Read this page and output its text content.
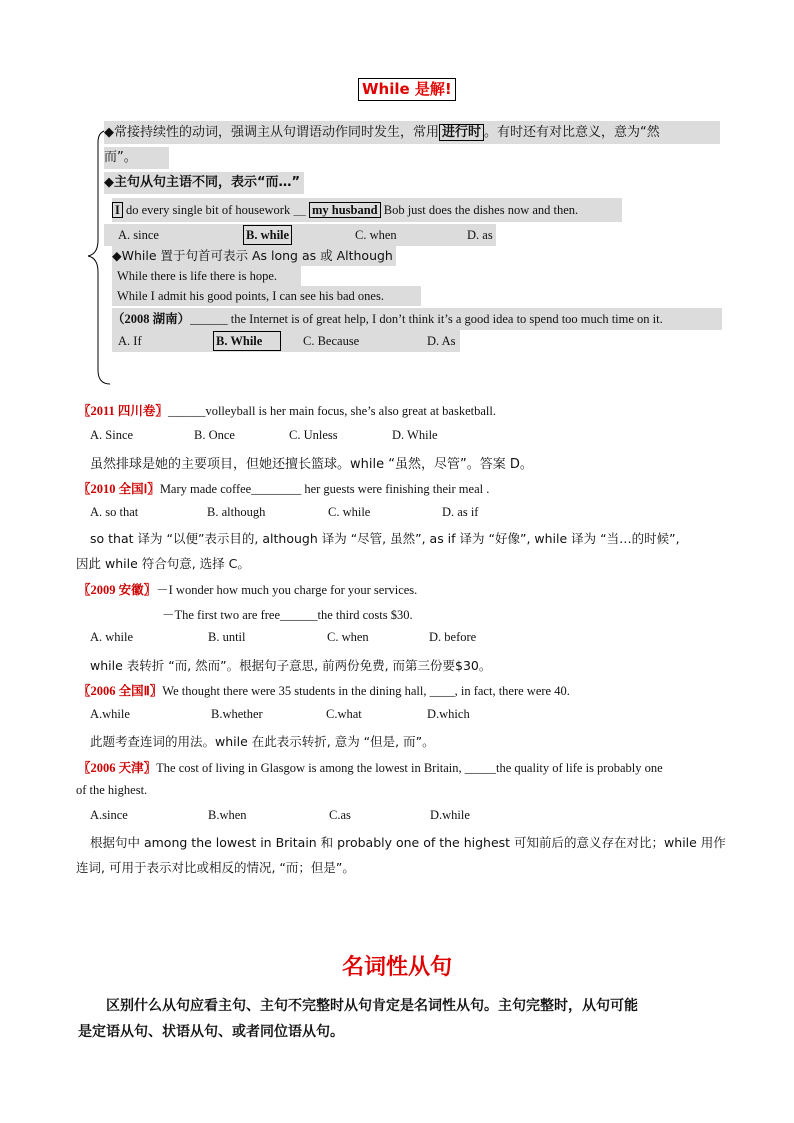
While 是解!
◆常接持续性的动词，强调主从句谓语动作同时发生，常用 进行时 。有时还有对比意义，意为“然
而”。
◆主句从句主语不同，表示“而…”
I do every single bit of housework ＿ my husband Bob just does the dishes now and then.
A. since	B. while	C. when	D. as
◆While 置于句首可表示 As long as 或 Although
While there is life there is hope.
While I admit his good points, I can see his bad ones.
（2008 湖南）______ the Internet is of great help, I don’t think it’s a good idea to spend too much time on it.
A. If	B. While	C. Because	D. As
〖2011 四川卷〗______volleyball is her main focus, she’s also great at basketball.
A. Since	B. Once	C. Unless	D. While
虽然排球是她的主要项目，但她还擅长篮球。while “虽然，尽管”。答案 D。
〖2010 全国Ⅰ〗Mary made coffee________ her guests were finishing their meal .
A. so that	B. although	C. while	D. as if
so that 译为 “以便”表示目的, although 译为 “尽管, 虽然”, as if 译为 “好像”, while 译为 “当…的时候”,
因此 while 符合句意, 选择 C。
〖2009 安徽〗－I wonder how much you charge for your services.
－The first two are free______the third costs $30.
A. while	B. until	C. when	D. before
while 表转折 “而, 然而”。根据句子意思, 前两份免费, 而第三份要$30。
〖2006 全国Ⅱ〗We thought there were 35 students in the dining hall, ____, in fact, there were 40.
A.while	B.whether	C.what	D.which
此题考查连词的用法。while 在此表示转折, 意为 “但是, 而”。
〖2006 天津〗The cost of living in Glasgow is among the lowest in Britain, _____the quality of life is probably one
of the highest.
A.since	B.when	C.as	D.while
根据句中 among the lowest in Britain 和 probably one of the highest 可知前后的意义存在对比；while 用作
连词, 可用于表示对比或相反的情况, “而；但是”。
名词性从句
区别什么从句应看主句、主句不完整时从句肯定是名词性从句。主句完整时，从句可能
是定语从句、状语从句、或者同位语从句。
